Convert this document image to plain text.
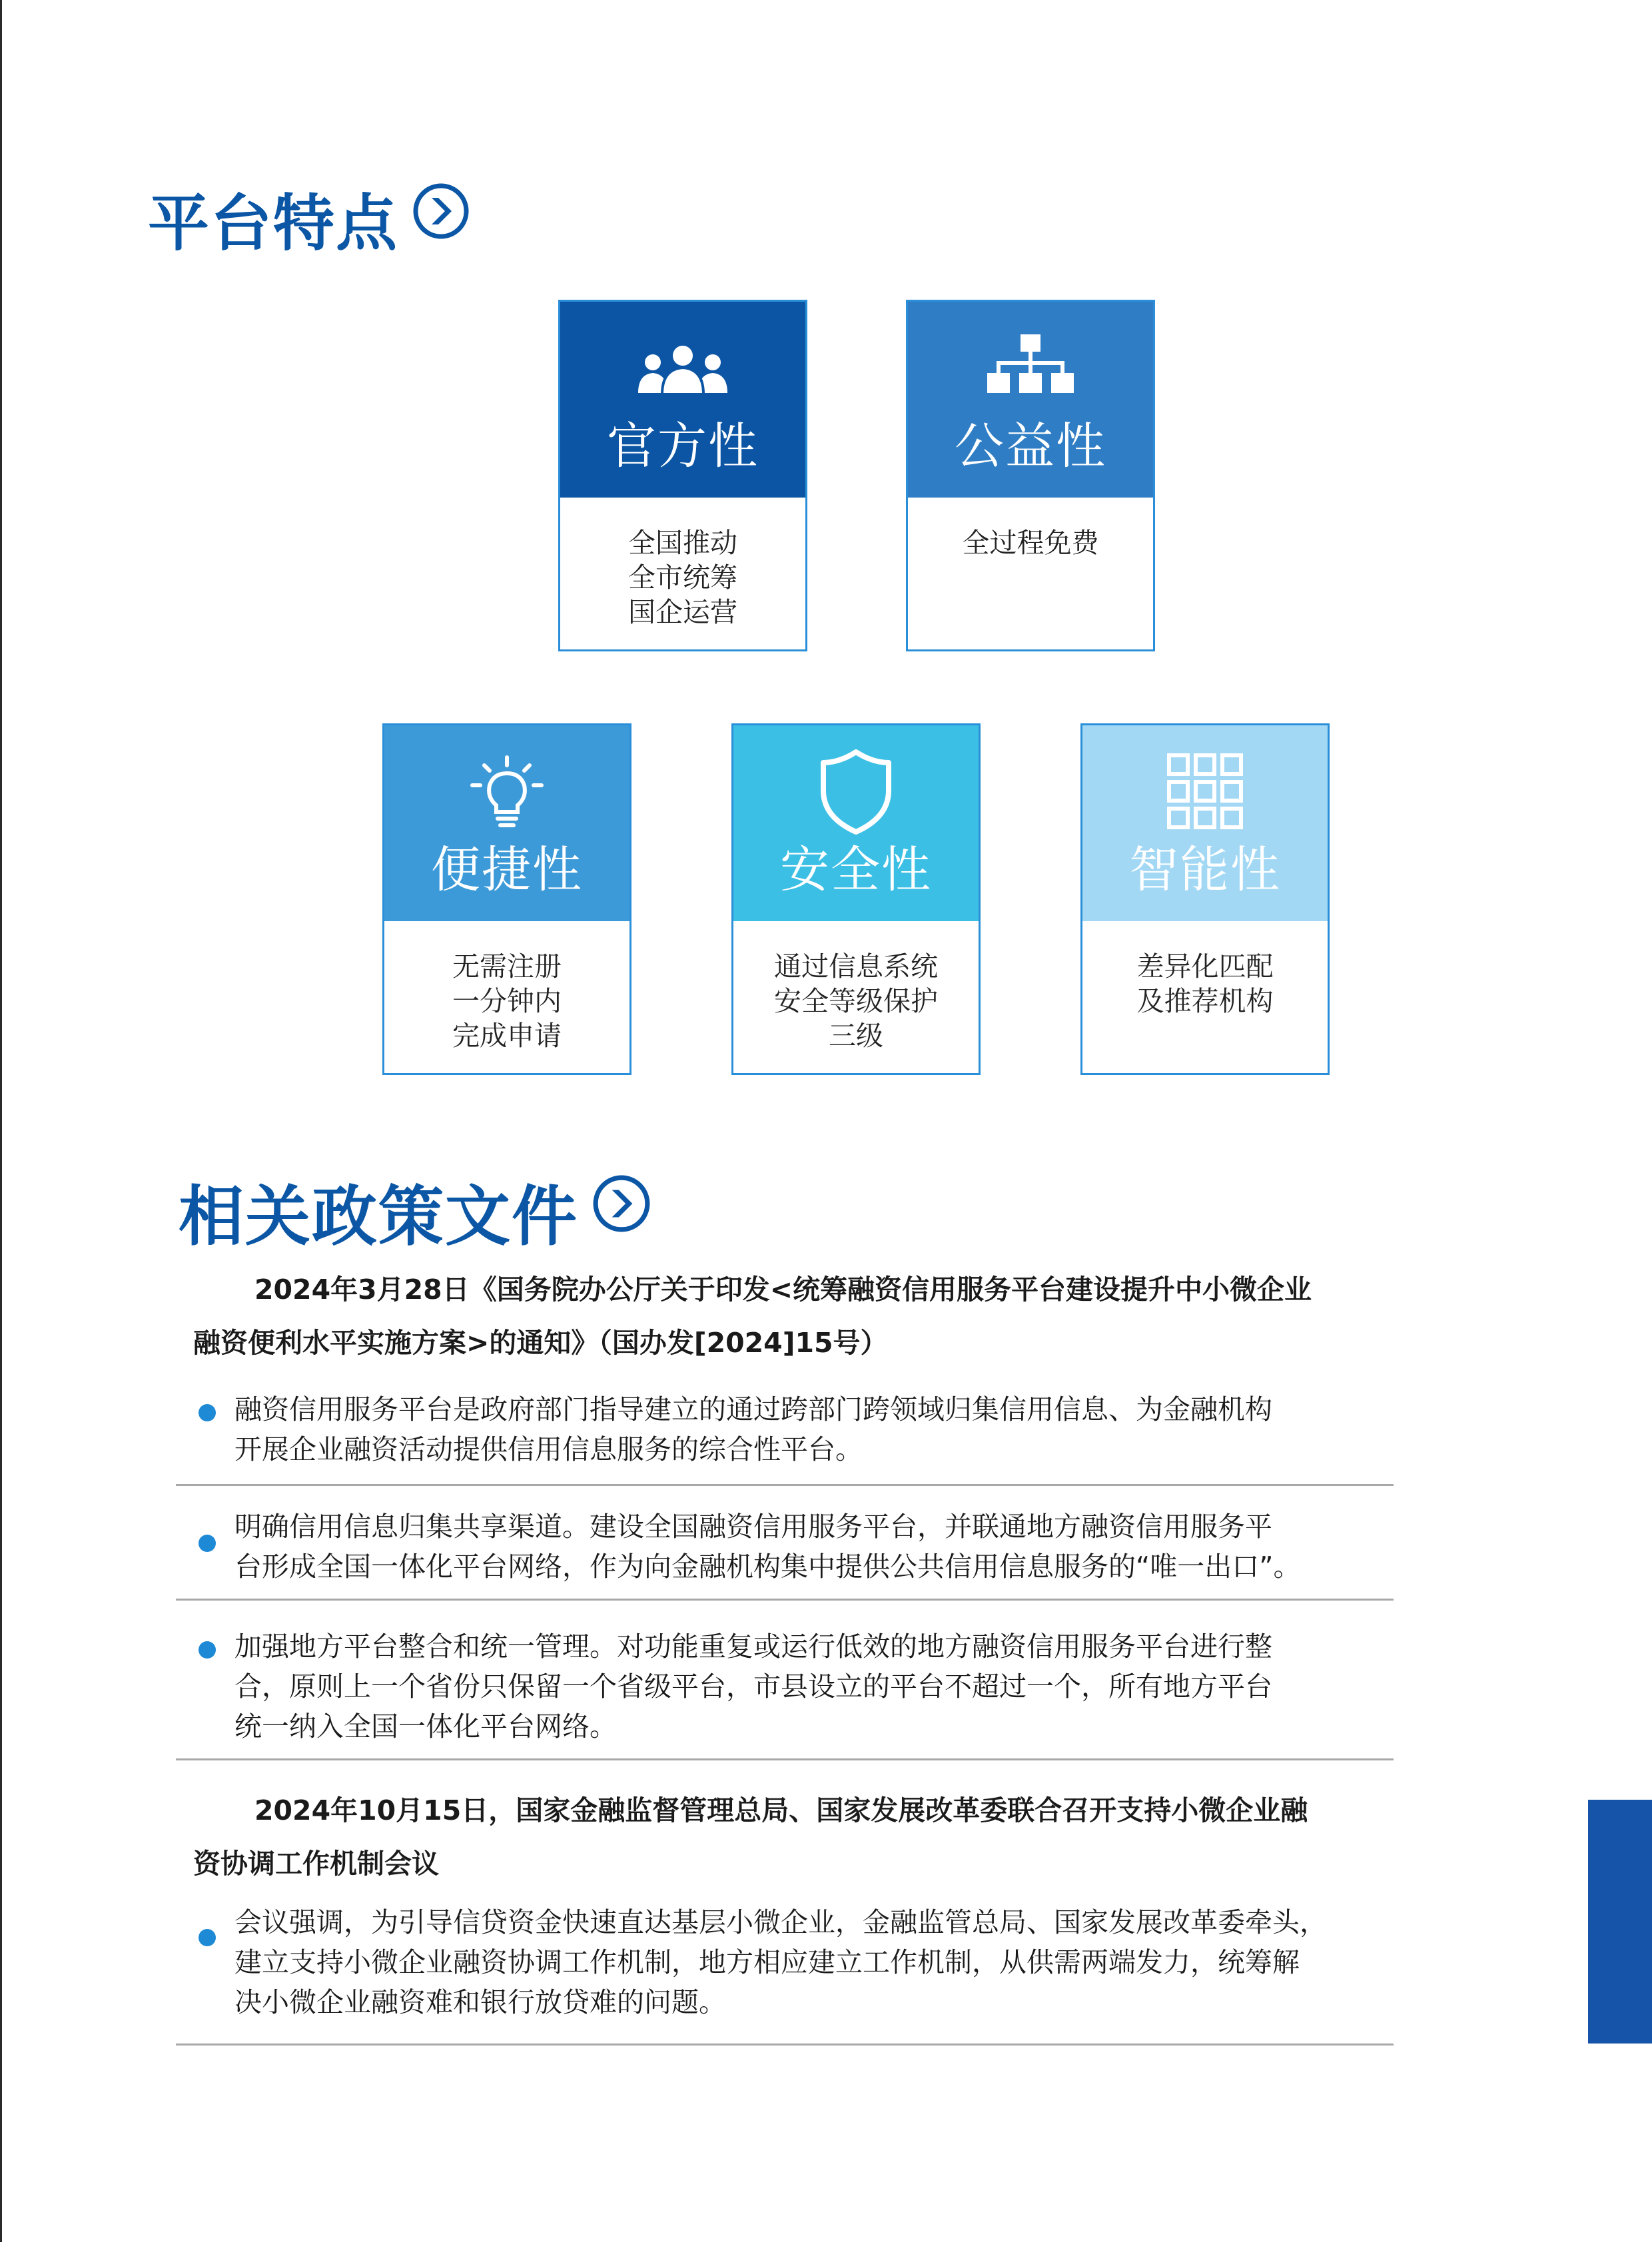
平台特点
官方性
全国推动
全市统筹
国企运营
公益性
全过程免费
便捷性
无需注册
一分钟内
完成申请
安全性
通过信息系统
安全等级保护
三级
智能性
差异化匹配
及推荐机构
相关政策文件
2024年3月28日《国务院办公厅关于印发<统筹融资信用服务平台建设提升中小微企业
融资便利水平实施方案>的通知》（国办发[2024]15号）
融资信用服务平台是政府部门指导建立的通过跨部门跨领域归集信用信息、为金融机构
开展企业融资活动提供信用信息服务的综合性平台。
明确信用信息归集共享渠道。建设全国融资信用服务平台，并联通地方融资信用服务平
台形成全国一体化平台网络，作为向金融机构集中提供公共信用信息服务的“唯一出口”。
加强地方平台整合和统一管理。对功能重复或运行低效的地方融资信用服务平台进行整
合，原则上一个省份只保留一个省级平台，市县设立的平台不超过一个，所有地方平台
统一纳入全国一体化平台网络。
2024年10月15日，国家金融监督管理总局、国家发展改革委联合召开支持小微企业融
资协调工作机制会议
会议强调，为引导信贷资金快速直达基层小微企业，金融监管总局、国家发展改革委牵头，
建立支持小微企业融资协调工作机制，地方相应建立工作机制，从供需两端发力，统筹解
决小微企业融资难和银行放贷难的问题。
